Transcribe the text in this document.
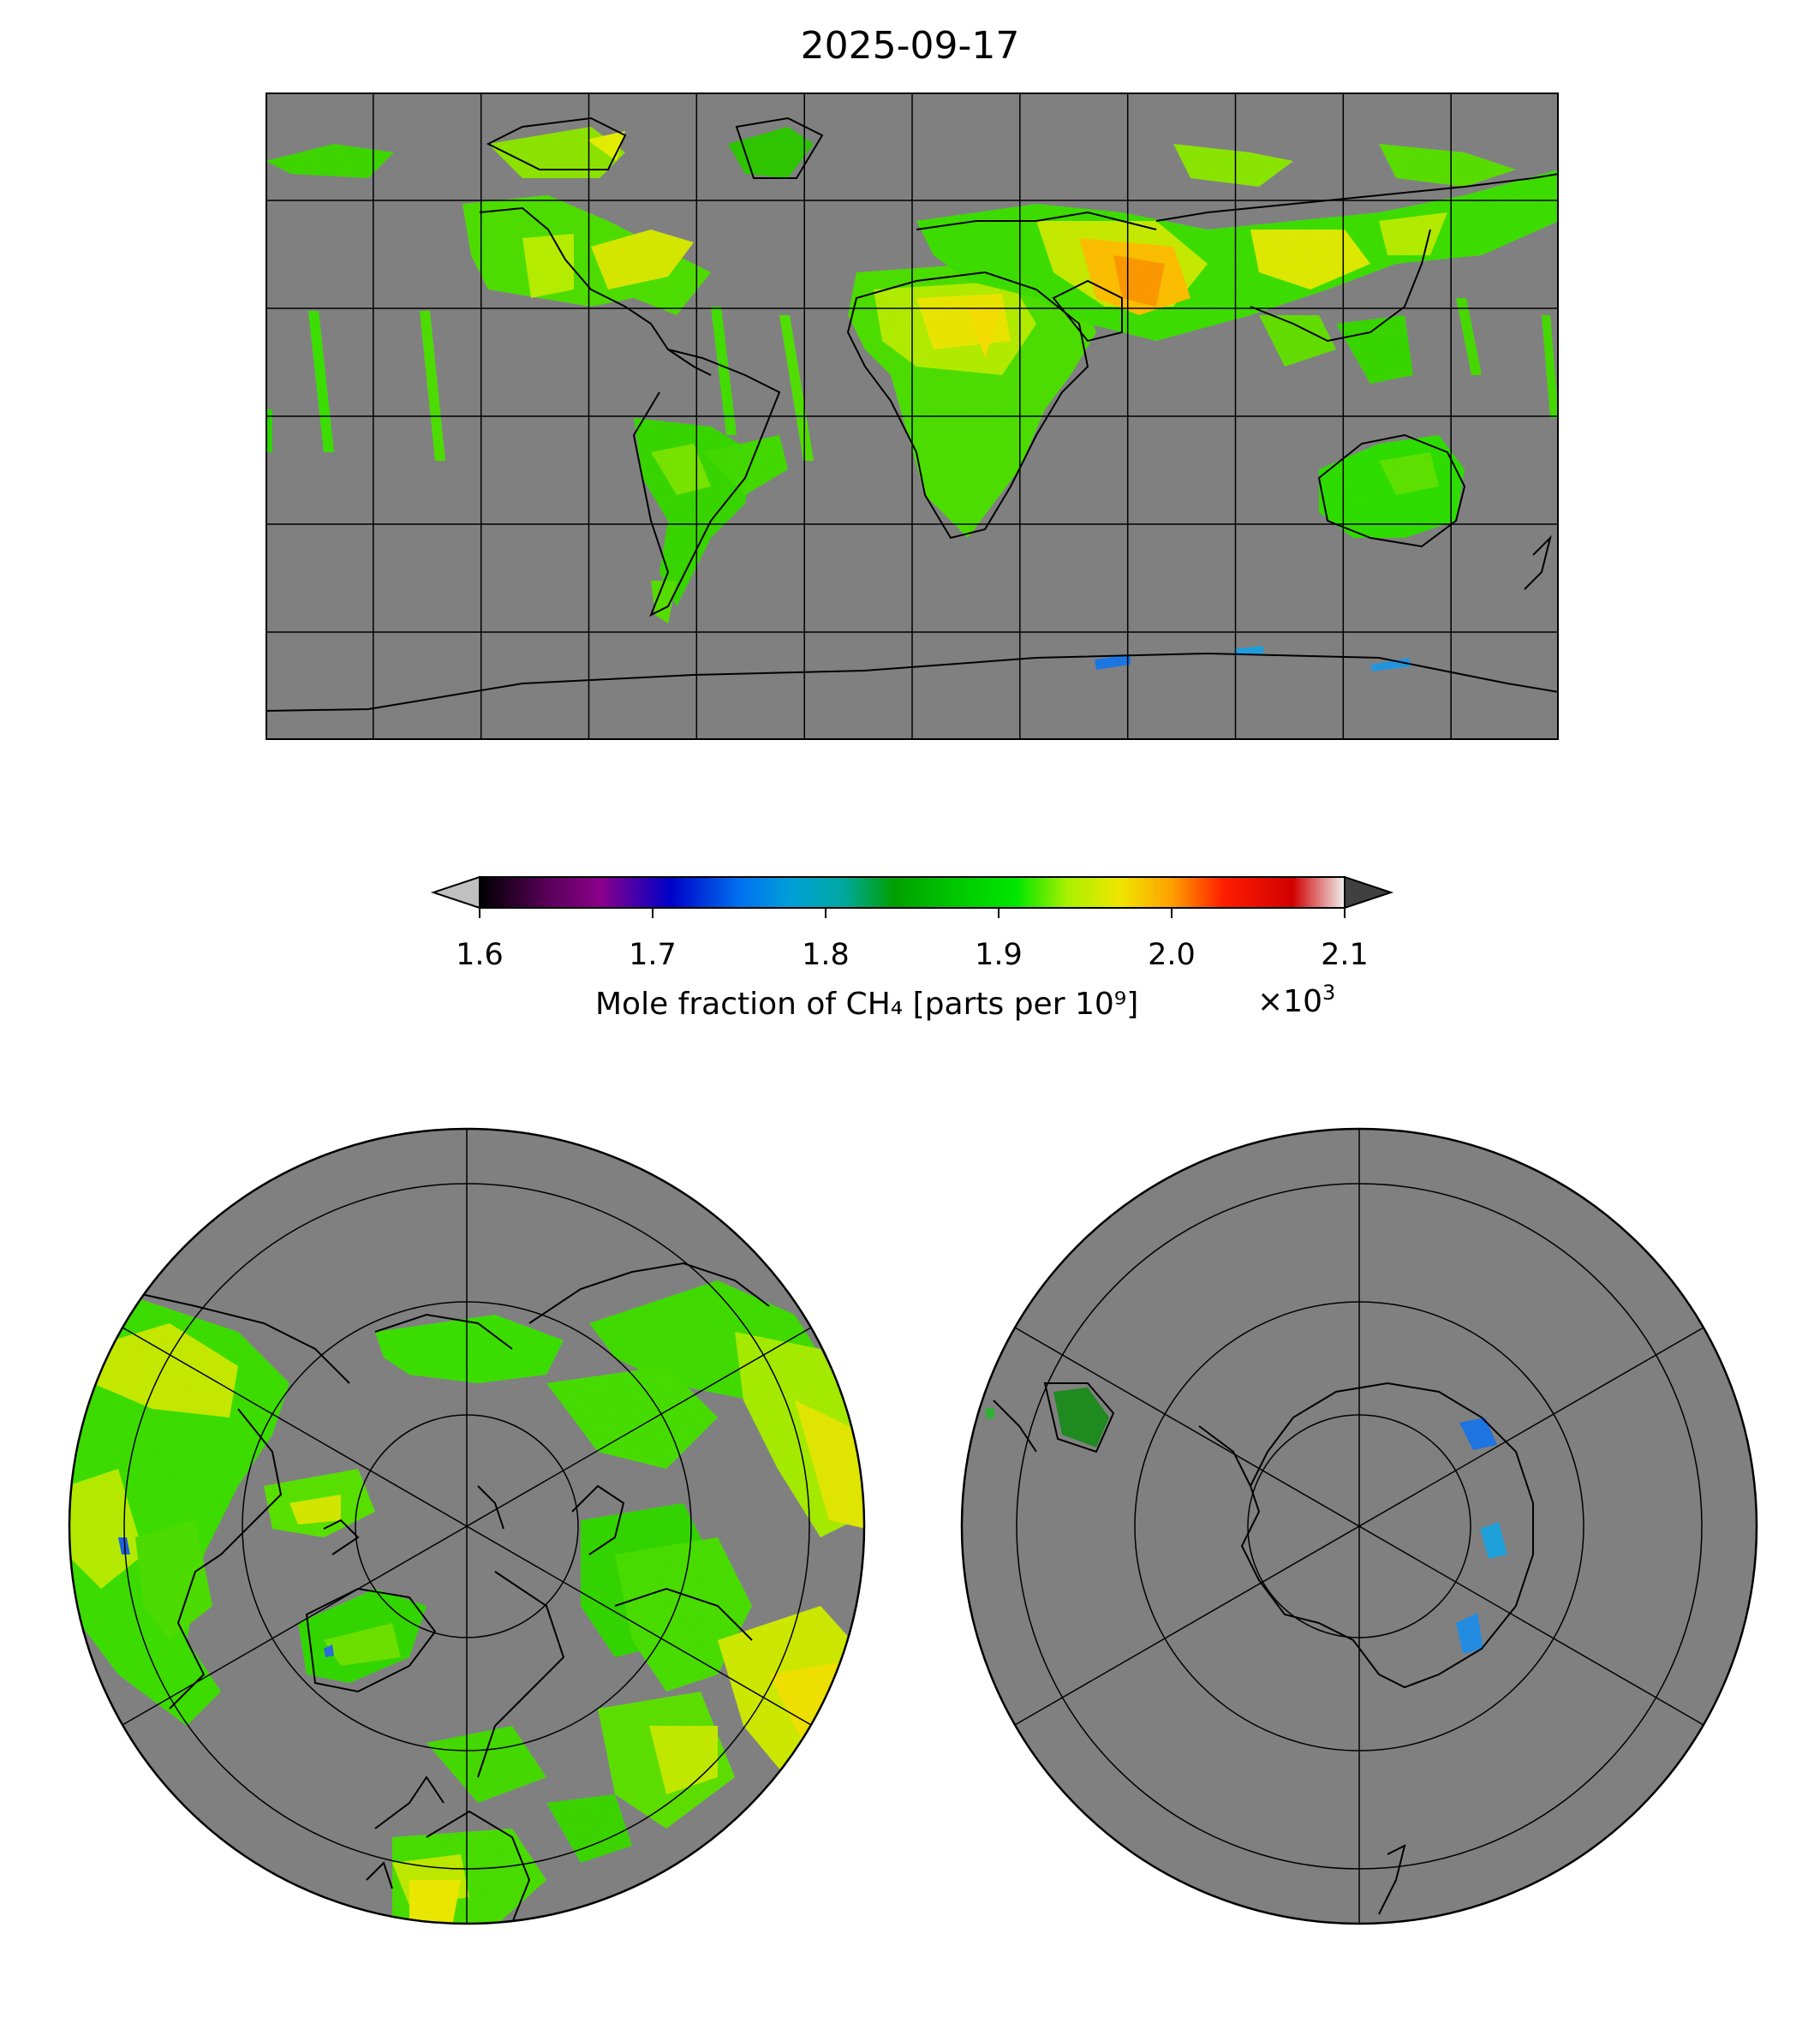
2025-09-17
1.6	1.7	1.8	1.9	2.0	2.1
Mole fraction of CH₄ [parts per 10⁹]	$\times 10^3$
